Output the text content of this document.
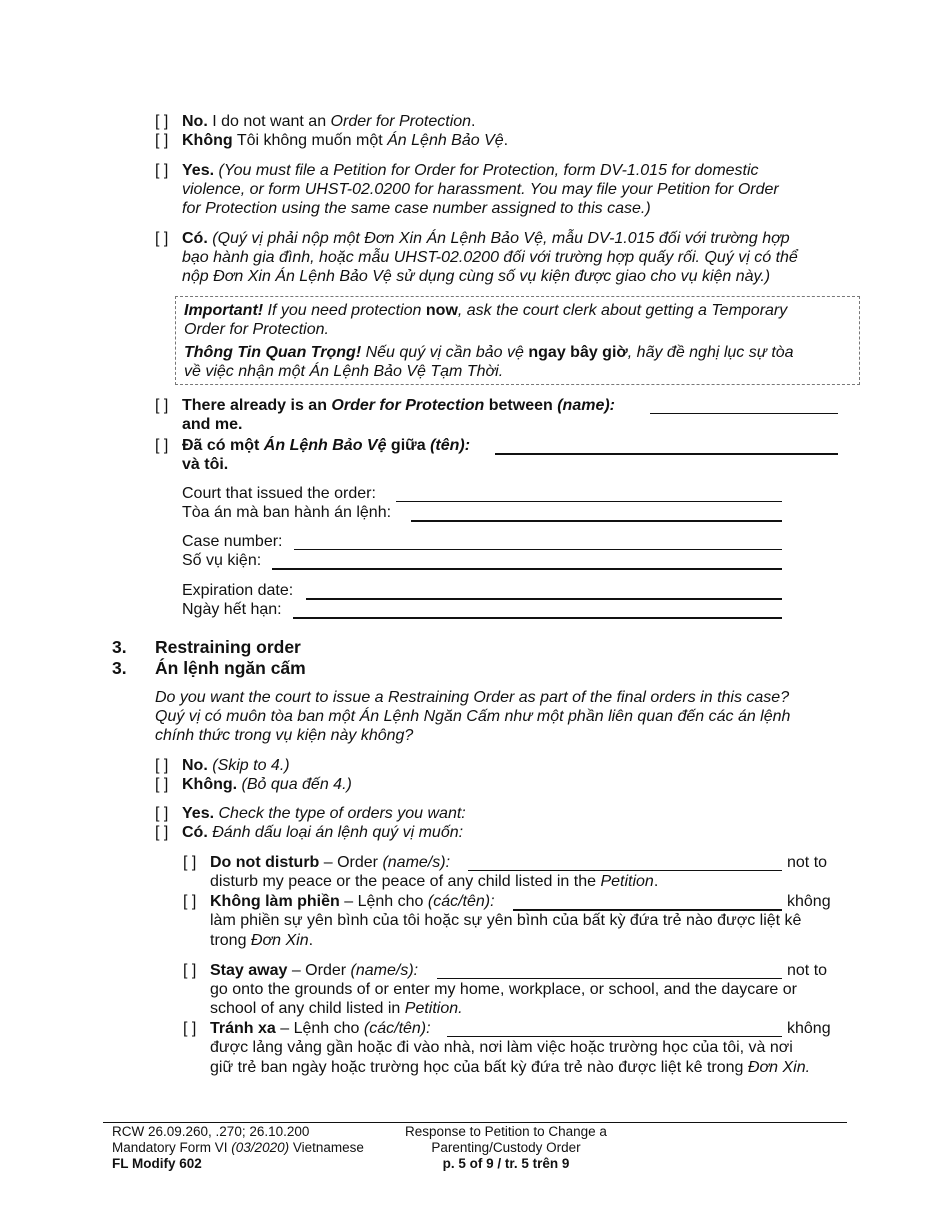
[ ] No. I do not want an Order for Protection.
[ ] Không Tôi không muốn một Án Lệnh Bảo Vệ.
[ ] Yes. (You must file a Petition for Order for Protection, form DV-1.015 for domestic
violence, or form UHST-02.0200 for harassment. You may file your Petition for Order
for Protection using the same case number assigned to this case.)
[ ] Có. (Quý vị phải nộp một Đơn Xin Án Lệnh Bảo Vệ, mẫu DV-1.015 đối với trường hợp
bạo hành gia đình, hoặc mẫu UHST-02.0200 đối với trường hợp quấy rối. Quý vị có thể
nộp Đơn Xin Án Lệnh Bảo Vệ sử dụng cùng số vụ kiện được giao cho vụ kiện này.)
Important! If you need protection now, ask the court clerk about getting a Temporary
Order for Protection.
Thông Tin Quan Trọng! Nếu quý vị cần bảo vệ ngay bây giờ, hãy đề nghị lục sự tòa
về việc nhận một Án Lệnh Bảo Vệ Tạm Thời.
[ ] There already is an Order for Protection between (name):
and me.
[ ] Đã có một Án Lệnh Bảo Vệ giữa (tên):
và tôi.
Court that issued the order:
Tòa án mà ban hành án lệnh:
Case number:
Số vụ kiện:
Expiration date:
Ngày hết hạn:
3. Restraining order
3. Án lệnh ngăn cấm
Do you want the court to issue a Restraining Order as part of the final orders in this case?
Quý vị có muôn tòa ban một Án Lệnh Ngăn Cấm như một phần liên quan đến các án lệnh
chính thức trong vụ kiện này không?
[ ] No. (Skip to 4.)
[ ] Không. (Bỏ qua đến 4.)
[ ] Yes. Check the type of orders you want:
[ ] Có. Đánh dấu loại án lệnh quý vị muốn:
[ ] Do not disturb – Order (name/s):	not to
disturb my peace or the peace of any child listed in the Petition.
[ ] Không làm phiền – Lệnh cho (các/tên):	không
làm phiền sự yên bình của tôi hoặc sự yên bình của bất kỳ đứa trẻ nào được liệt kê
trong Đơn Xin.
[ ] Stay away – Order (name/s):	not to
go onto the grounds of or enter my home, workplace, or school, and the daycare or
school of any child listed in Petition.
[ ] Tránh xa – Lệnh cho (các/tên):	không
được lảng vảng gần hoặc đi vào nhà, nơi làm việc hoặc trường học của tôi, và nơi
giữ trẻ ban ngày hoặc trường học của bất kỳ đứa trẻ nào được liệt kê trong Đơn Xin.
RCW 26.09.260, .270; 26.10.200
Mandatory Form VI (03/2020) Vietnamese
FL Modify 602
Response to Petition to Change a
Parenting/Custody Order
p. 5 of 9 / tr. 5 trên 9
